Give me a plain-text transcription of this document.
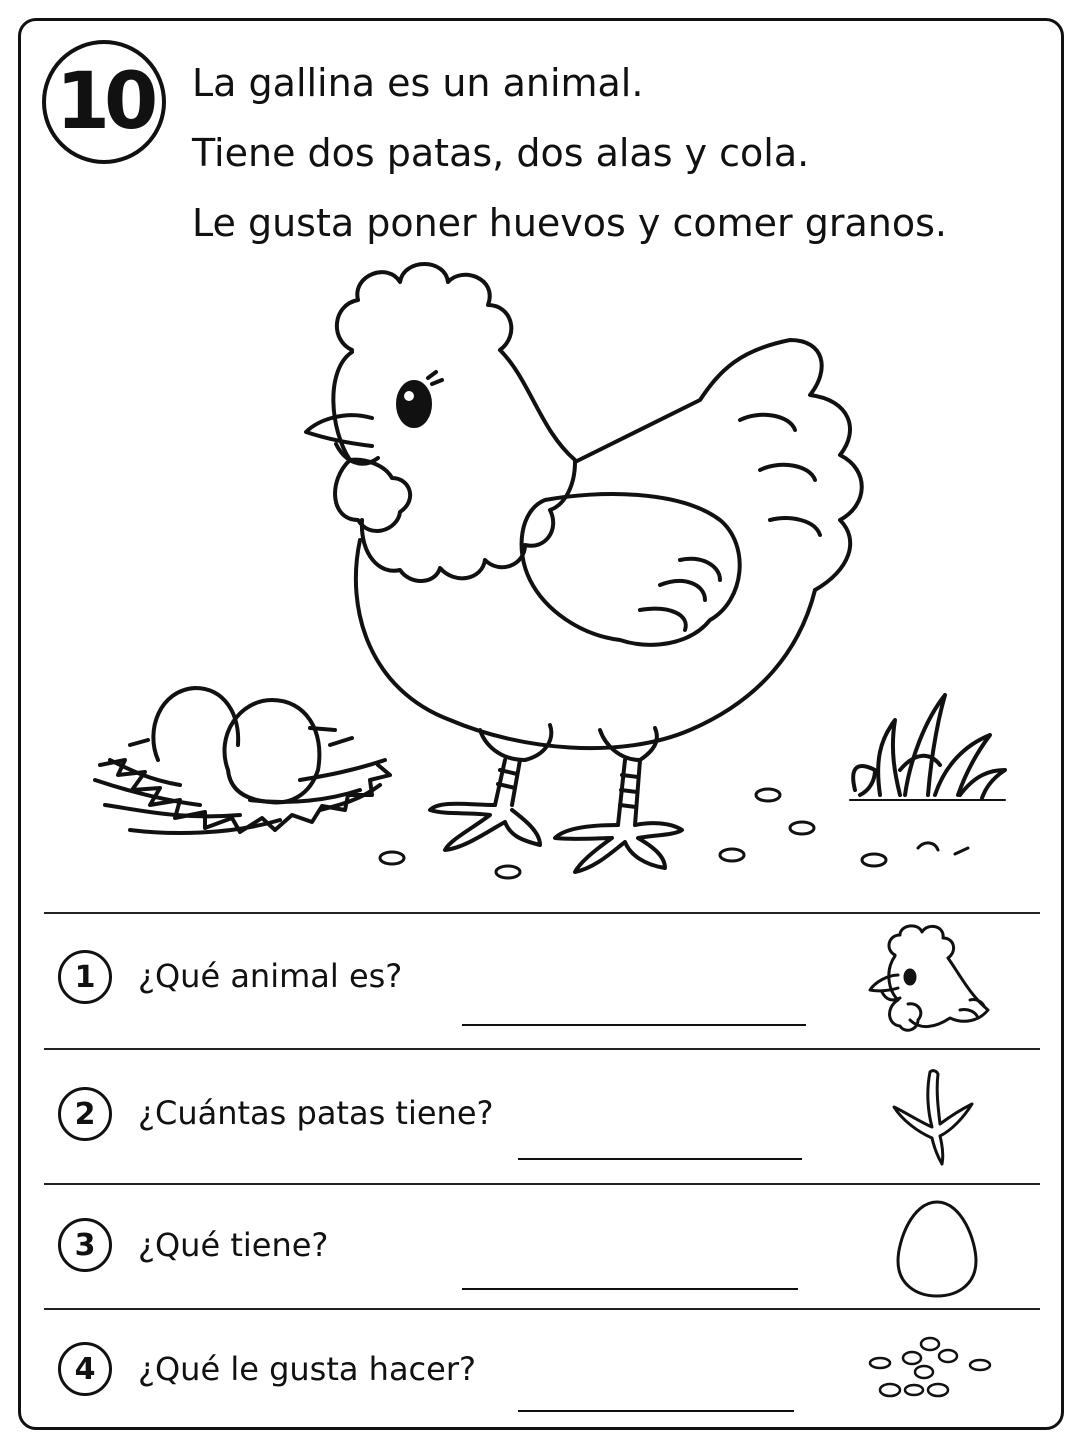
10	La gallina es un animal.
Tiene dos patas, dos alas y cola.
Le gusta poner huevos y comer granos.
1	¿Qué animal es?
2	¿Cuántas patas tiene?
3	¿Qué tiene?
4	¿Qué le gusta hacer?
